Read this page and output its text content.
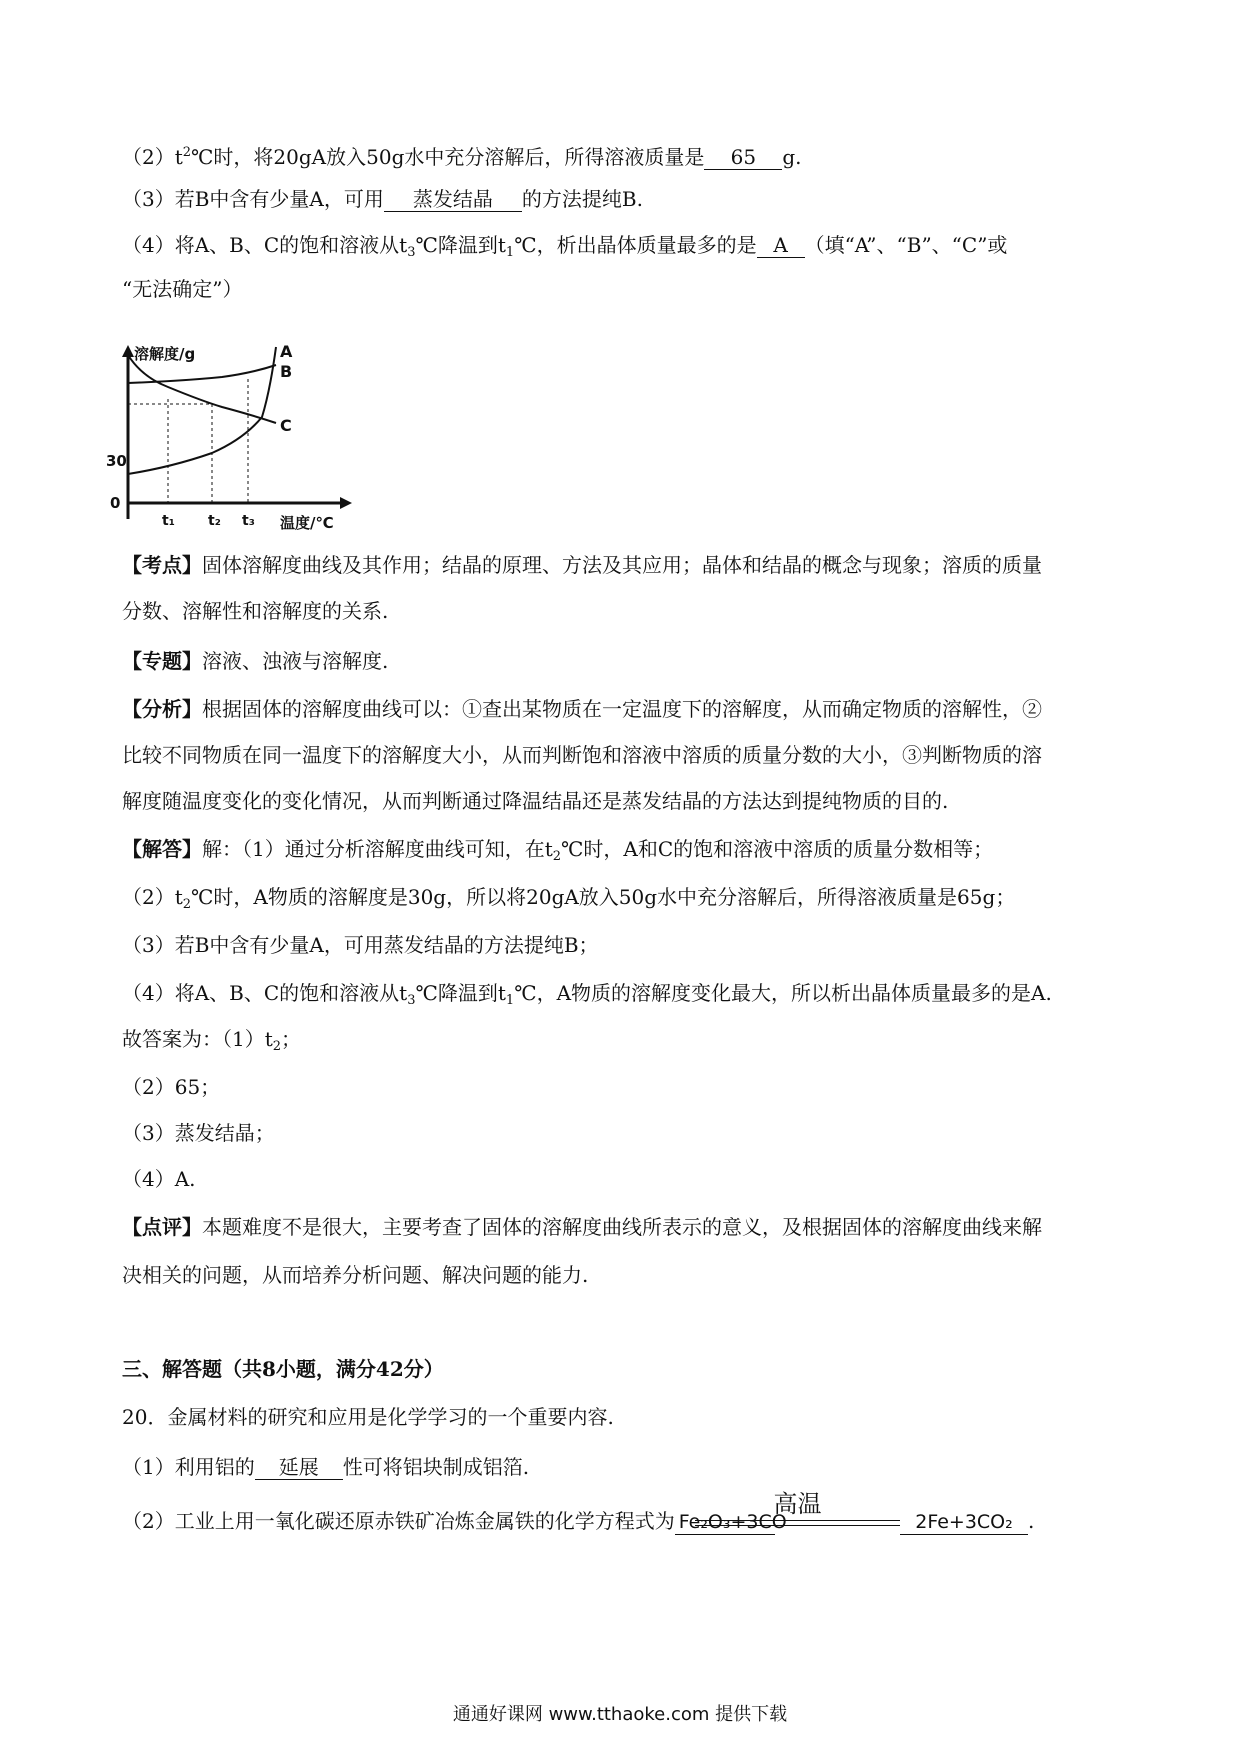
$(2)t^2℃$时，将20gA放入50g水中充分溶解后，所得溶液质量是 65 g.
（3）若B中含有少量A，可用 蒸发结晶 的方法提纯B.
（4）将A、B、C的饱和溶液从$t_3℃$降温到$t_1℃$，析出晶体质量最多的是 A （填“A”、“B”、“C”或
“无法确定”）
溶解度/g
温度/℃
30
0
t₁ t₂ t₃
A
B
C
【考点】固体溶解度曲线及其作用；结晶的原理、方法及其应用；晶体和结晶的概念与现象；溶质的质量
分数、溶解性和溶解度的关系.
【专题】溶液、浊液与溶解度.
【分析】根据固体的溶解度曲线可以：①查出某物质在一定温度下的溶解度，从而确定物质的溶解性，②
比较不同物质在同一温度下的溶解度大小，从而判断饱和溶液中溶质的质量分数的大小，③判断物质的溶
解度随温度变化的变化情况，从而判断通过降温结晶还是蒸发结晶的方法达到提纯物质的目的.
【解答】解：（1）通过分析溶解度曲线可知，在$t_2℃$时，A和C的饱和溶液中溶质的质量分数相等；
$(2)t_2℃$时，A物质的溶解度是30g，所以将20gA放入50g水中充分溶解后，所得溶液质量是65g；
（3）若B中含有少量A，可用蒸发结晶的方法提纯B；
（4）将A、B、C的饱和溶液从$t_3℃$降温到$t_1℃$，A物质的溶解度变化最大，所以析出晶体质量最多的是A.
故答案为：$(1)t_2$；
（2）65；
（3）蒸发结晶；
（4）A.
【点评】本题难度不是很大，主要考查了固体的溶解度曲线所表示的意义，及根据固体的溶解度曲线来解
决相关的问题，从而培养分析问题、解决问题的能力.
三、解答题（共8小题，满分42分）
20．金属材料的研究和应用是化学学习的一个重要内容.
（1）利用铝的 延展 性可将铝块制成铝箔.
（2）工业上用一氧化碳还原赤铁矿冶炼金属铁的化学方程式为 Fe₂O₃+3CO
高温
2Fe+3CO₂ .
通通好课网 www.tthaoke.com 提供下载
